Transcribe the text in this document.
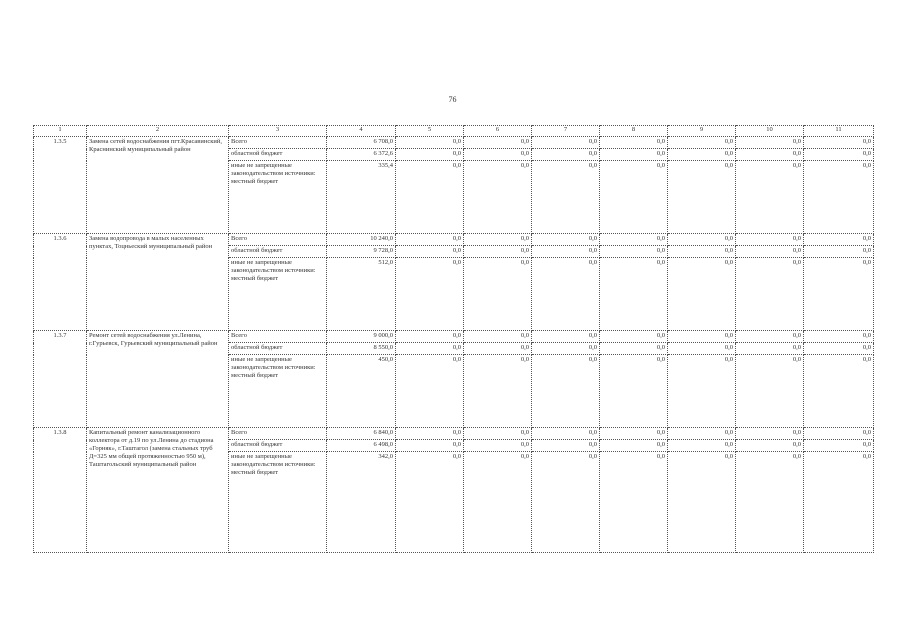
76
1	2	3	4	5	6	7	8	9	10	11
1.3.5	Замена сетей водоснабжения пгт.Красавинский, Краснинский муниципальный район	Всего	6 708,0	0,0	0,0	0,0	0,0	0,0	0,0	0,0
		областной бюджет	6 372,6	0,0	0,0	0,0	0,0	0,0	0,0	0,0
		иные не запрещенные законодательством источники: местный бюджет	335,4	0,0	0,0	0,0	0,0	0,0	0,0	0,0
1.3.6	Замена водопровода в малых населенных пунктах, Тоцньеский муниципальный район	Всего	10 240,0	0,0	0,0	0,0	0,0	0,0	0,0	0,0
		областной бюджет	9 728,0	0,0	0,0	0,0	0,0	0,0	0,0	0,0
		иные не запрещенные законодательством источники: местный бюджет	512,0	0,0	0,0	0,0	0,0	0,0	0,0	0,0
1.3.7	Ремонт сетей водоснабжения ул.Ленина, г.Гурьевск, Гурьевский муниципальный район	Всего	9 000,0	0,0	0,0	0,0	0,0	0,0	0,0	0,0
		областной бюджет	8 550,0	0,0	0,0	0,0	0,0	0,0	0,0	0,0
		иные не запрещенные законодательством источники: местный бюджет	450,0	0,0	0,0	0,0	0,0	0,0	0,0	0,0
1.3.8	Капитальный ремонт канализационного коллектора от д.19 по ул.Ленина до стадиона «Горняк», г.Таштагол (замена стальных труб Д=325 мм общей протяженностью 950 м), Таштагольский муниципальный район	Всего	6 840,0	0,0	0,0	0,0	0,0	0,0	0,0	0,0
		областной бюджет	6 498,0	0,0	0,0	0,0	0,0	0,0	0,0	0,0
		иные не запрещенные законодательством источники: местный бюджет	342,0	0,0	0,0	0,0	0,0	0,0	0,0	0,0
